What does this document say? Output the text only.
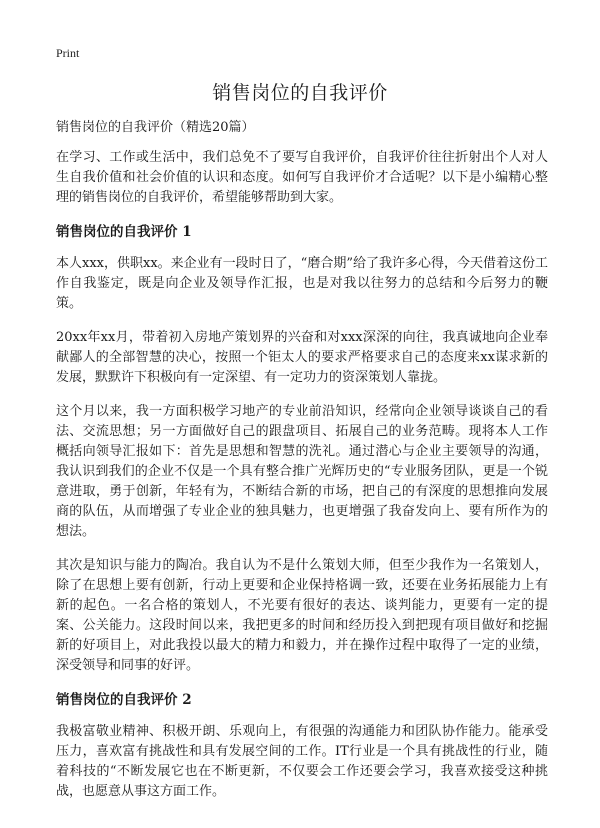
Print
销售岗位的自我评价
销售岗位的自我评价（精选20篇）

在学习、工作或生活中，我们总免不了要写自我评价，自我评价往往折射出个人对人生自我价值和社会价值的认识和态度。如何写自我评价才合适呢？以下是小编精心整理的销售岗位的自我评价，希望能够帮助到大家。

销售岗位的自我评价 1

本人xxx，供职xx。来企业有一段时日了，“磨合期”给了我许多心得，今天借着这份工作自我鉴定，既是向企业及领导作汇报，也是对我以往努力的总结和今后努力的鞭策。

20xx年xx月，带着初入房地产策划界的兴奋和对xxx深深的向往，我真诚地向企业奉献鄙人的全部智慧的决心，按照一个钜太人的要求严格要求自己的态度来xx谋求新的发展，默默许下积极向有一定深望、有一定功力的资深策划人靠拢。

这个月以来，我一方面积极学习地产的专业前沿知识，经常向企业领导谈谈自己的看法、交流思想；另一方面做好自己的跟盘项目、拓展自己的业务范畴。现将本人工作概括向领导汇报如下：首先是思想和智慧的洗礼。通过潜心与企业主要领导的沟通，我认识到我们的企业不仅是一个具有整合推广光辉历史的“专业服务团队，更是一个锐意进取，勇于创新，年轻有为，不断结合新的市场，把自己的有深度的思想推向发展商的队伍，从而增强了专业企业的独具魅力，也更增强了我奋发向上、要有所作为的想法。

其次是知识与能力的陶冶。我自认为不是什么策划大师，但至少我作为一名策划人，除了在思想上要有创新，行动上更要和企业保持格调一致，还要在业务拓展能力上有新的起色。一名合格的策划人，不光要有很好的表达、谈判能力，更要有一定的提案、公关能力。这段时间以来，我把更多的时间和经历投入到把现有项目做好和挖掘新的好项目上，对此我投以最大的精力和毅力，并在操作过程中取得了一定的业绩，深受领导和同事的好评。

销售岗位的自我评价 2

我极富敬业精神、积极开朗、乐观向上，有很强的沟通能力和团队协作能力。能承受压力，喜欢富有挑战性和具有发展空间的工作。IT行业是一个具有挑战性的行业，随着科技的“不断发展它也在不断更新，不仅要会工作还要会学习，我喜欢接受这种挑战，也愿意从事这方面工作。
